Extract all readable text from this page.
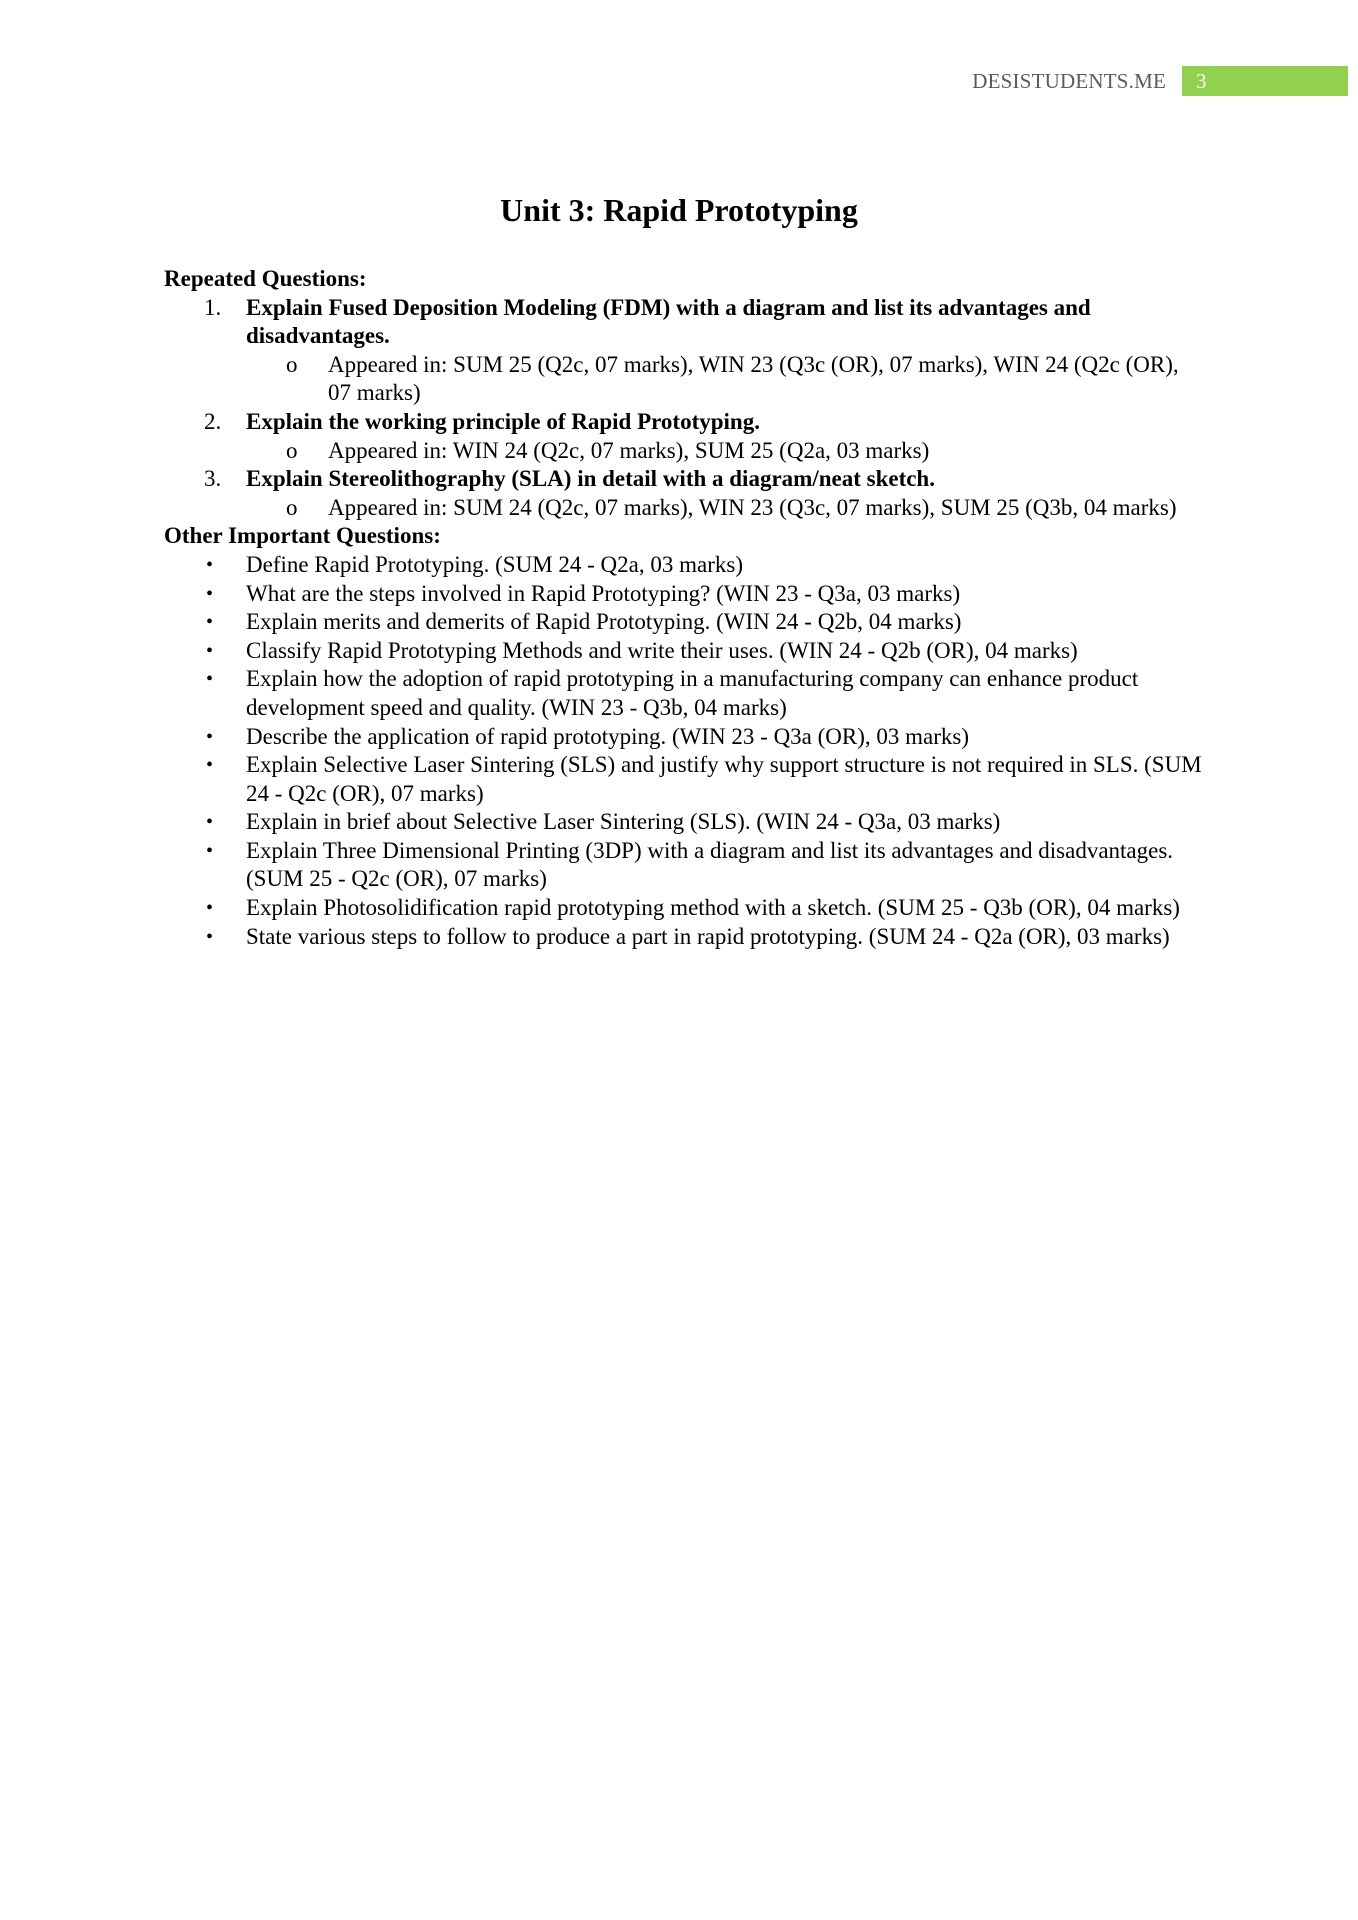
DESISTUDENTS.ME	3
Unit 3: Rapid Prototyping

Repeated Questions:

1. Explain Fused Deposition Modeling (FDM) with a diagram and list its advantages and disadvantages.
o Appeared in: SUM 25 (Q2c, 07 marks), WIN 23 (Q3c (OR), 07 marks), WIN 24 (Q2c (OR), 07 marks)
2. Explain the working principle of Rapid Prototyping.
o Appeared in: WIN 24 (Q2c, 07 marks), SUM 25 (Q2a, 03 marks)
3. Explain Stereolithography (SLA) in detail with a diagram/neat sketch.
o Appeared in: SUM 24 (Q2c, 07 marks), WIN 23 (Q3c, 07 marks), SUM 25 (Q3b, 04 marks)

Other Important Questions:

• Define Rapid Prototyping. (SUM 24 - Q2a, 03 marks)
• What are the steps involved in Rapid Prototyping? (WIN 23 - Q3a, 03 marks)
• Explain merits and demerits of Rapid Prototyping. (WIN 24 - Q2b, 04 marks)
• Classify Rapid Prototyping Methods and write their uses. (WIN 24 - Q2b (OR), 04 marks)
• Explain how the adoption of rapid prototyping in a manufacturing company can enhance product development speed and quality. (WIN 23 - Q3b, 04 marks)
• Describe the application of rapid prototyping. (WIN 23 - Q3a (OR), 03 marks)
• Explain Selective Laser Sintering (SLS) and justify why support structure is not required in SLS. (SUM 24 - Q2c (OR), 07 marks)
• Explain in brief about Selective Laser Sintering (SLS). (WIN 24 - Q3a, 03 marks)
• Explain Three Dimensional Printing (3DP) with a diagram and list its advantages and disadvantages. (SUM 25 - Q2c (OR), 07 marks)
• Explain Photosolidification rapid prototyping method with a sketch. (SUM 25 - Q3b (OR), 04 marks)
• State various steps to follow to produce a part in rapid prototyping. (SUM 24 - Q2a (OR), 03 marks)
